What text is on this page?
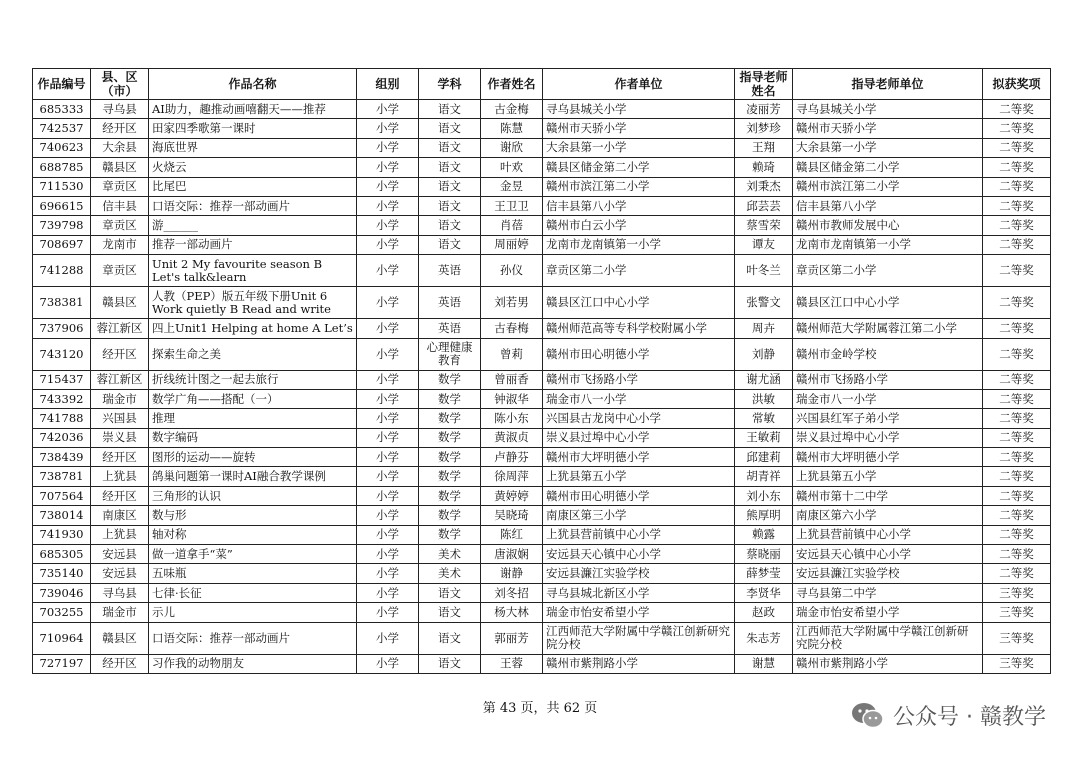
作品编号	县、区（市）	作品名称	组别	学科	作者姓名	作者单位	指导老师姓名	指导老师单位	拟获奖项
685333	寻乌县	AI助力，趣推动画嘻翻天——推荐	小学	语文	古金梅	寻乌县城关小学	凌丽芳	寻乌县城关小学	二等奖
742537	经开区	田家四季歌第一课时	小学	语文	陈慧	赣州市天骄小学	刘梦珍	赣州市天骄小学	二等奖
740623	大余县	海底世界	小学	语文	谢欣	大余县第一小学	王翔	大余县第一小学	二等奖
688785	赣县区	火烧云	小学	语文	叶欢	赣县区储金第二小学	赖琦	赣县区储金第二小学	二等奖
711530	章贡区	比尾巴	小学	语文	金昱	赣州市滨江第二小学	刘秉杰	赣州市滨江第二小学	二等奖
696615	信丰县	口语交际：推荐一部动画片	小学	语文	王卫卫	信丰县第八小学	邱芸芸	信丰县第八小学	二等奖
739798	章贡区	游______	小学	语文	肖蓓	赣州市白云小学	蔡雪荣	赣州市教师发展中心	二等奖
708697	龙南市	推荐一部动画片	小学	语文	周丽婷	龙南市龙南镇第一小学	谭友	龙南市龙南镇第一小学	二等奖
741288	章贡区	Unit 2 My favourite season B Let's talk&learn	小学	英语	孙仪	章贡区第二小学	叶冬兰	章贡区第二小学	二等奖
738381	赣县区	人教（PEP）版五年级下册Unit 6 Work quietly B Read and write	小学	英语	刘若男	赣县区江口中心小学	张警文	赣县区江口中心小学	二等奖
737906	蓉江新区	四上Unit1 Helping at home A Let’s	小学	英语	古春梅	赣州师范高等专科学校附属小学	周卉	赣州师范大学附属蓉江第二小学	二等奖
743120	经开区	探索生命之美	小学	心理健康教育	曾莉	赣州市田心明德小学	刘静	赣州市金岭学校	二等奖
715437	蓉江新区	折线统计图之一起去旅行	小学	数学	曾丽香	赣州市飞扬路小学	谢尤涵	赣州市飞扬路小学	二等奖
743392	瑞金市	数学广角——搭配（一）	小学	数学	钟淑华	瑞金市八一小学	洪敏	瑞金市八一小学	二等奖
741788	兴国县	推理	小学	数学	陈小东	兴国县古龙岗中心小学	常敏	兴国县红军子弟小学	二等奖
742036	崇义县	数字编码	小学	数学	黄淑贞	崇义县过埠中心小学	王敏莉	崇义县过埠中心小学	二等奖
738439	经开区	图形的运动——旋转	小学	数学	卢静芬	赣州市大坪明德小学	邱建莉	赣州市大坪明德小学	二等奖
738781	上犹县	鸽巢问题第一课时AI融合教学课例	小学	数学	徐周萍	上犹县第五小学	胡青祥	上犹县第五小学	二等奖
707564	经开区	三角形的认识	小学	数学	黄婷婷	赣州市田心明德小学	刘小东	赣州市第十二中学	二等奖
738014	南康区	数与形	小学	数学	吴晓琦	南康区第三小学	熊厚明	南康区第六小学	二等奖
741930	上犹县	轴对称	小学	数学	陈红	上犹县营前镇中心小学	赖露	上犹县营前镇中心小学	二等奖
685305	安远县	做一道拿手“菜”	小学	美术	唐淑娴	安远县天心镇中心小学	蔡晓丽	安远县天心镇中心小学	二等奖
735140	安远县	五味瓶	小学	美术	谢静	安远县濂江实验学校	薛梦莹	安远县濂江实验学校	二等奖
739046	寻乌县	七律·长征	小学	语文	刘冬招	寻乌县城北新区小学	李贤华	寻乌县第二中学	三等奖
703255	瑞金市	示儿	小学	语文	杨大林	瑞金市怡安希望小学	赵政	瑞金市怡安希望小学	三等奖
710964	赣县区	口语交际：推荐一部动画片	小学	语文	郭丽芳	江西师范大学附属中学赣江创新研究院分校	朱志芳	江西师范大学附属中学赣江创新研究院分校	三等奖
727197	经开区	习作我的动物朋友	小学	语文	王蓉	赣州市紫荆路小学	谢慧	赣州市紫荆路小学	三等奖
第 43 页，共 62 页	公众号 · 赣教学
